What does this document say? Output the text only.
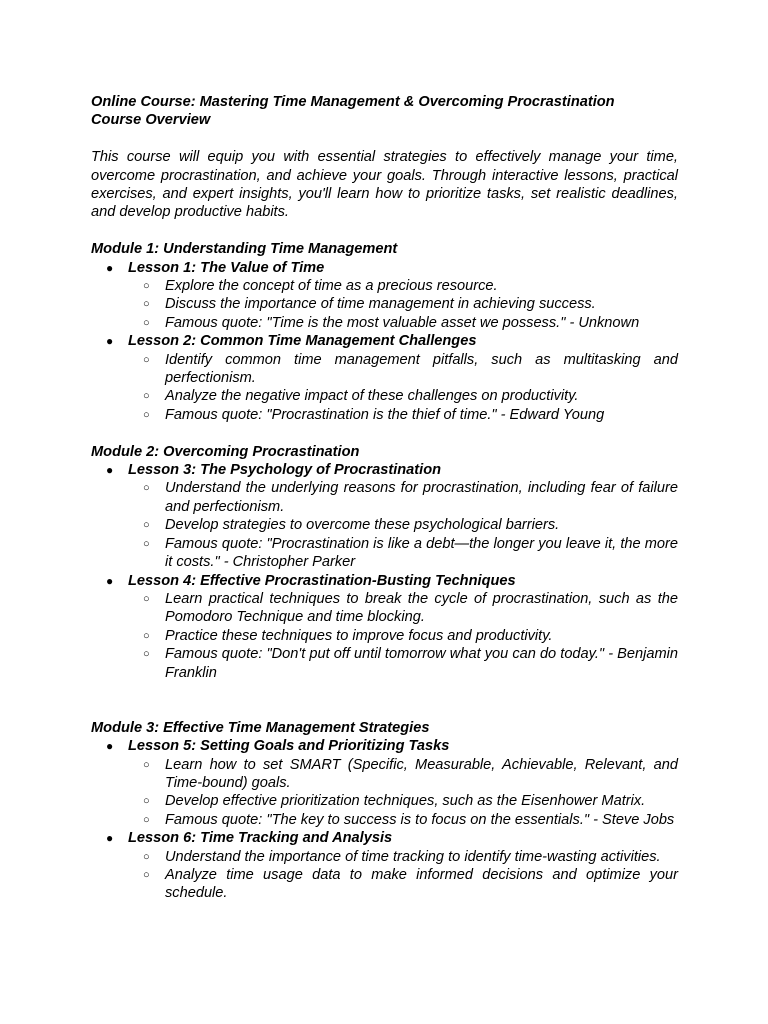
Online Course: Mastering Time Management & Overcoming Procrastination
Course Overview
This course will equip you with essential strategies to effectively manage your time, overcome procrastination, and achieve your goals. Through interactive lessons, practical exercises, and expert insights, you'll learn how to prioritize tasks, set realistic deadlines, and develop productive habits.
Module 1: Understanding Time Management
● Lesson 1: The Value of Time
○ Explore the concept of time as a precious resource.
○ Discuss the importance of time management in achieving success.
○ Famous quote: "Time is the most valuable asset we possess." - Unknown
● Lesson 2: Common Time Management Challenges
○ Identify common time management pitfalls, such as multitasking and perfectionism.
○ Analyze the negative impact of these challenges on productivity.
○ Famous quote: "Procrastination is the thief of time." - Edward Young
Module 2: Overcoming Procrastination
● Lesson 3: The Psychology of Procrastination
○ Understand the underlying reasons for procrastination, including fear of failure and perfectionism.
○ Develop strategies to overcome these psychological barriers.
○ Famous quote: "Procrastination is like a debt—the longer you leave it, the more it costs." - Christopher Parker
● Lesson 4: Effective Procrastination-Busting Techniques
○ Learn practical techniques to break the cycle of procrastination, such as the Pomodoro Technique and time blocking.
○ Practice these techniques to improve focus and productivity.
○ Famous quote: "Don't put off until tomorrow what you can do today." - Benjamin Franklin
Module 3: Effective Time Management Strategies
● Lesson 5: Setting Goals and Prioritizing Tasks
○ Learn how to set SMART (Specific, Measurable, Achievable, Relevant, and Time-bound) goals.
○ Develop effective prioritization techniques, such as the Eisenhower Matrix.
○ Famous quote: "The key to success is to focus on the essentials." - Steve Jobs
● Lesson 6: Time Tracking and Analysis
○ Understand the importance of time tracking to identify time-wasting activities.
○ Analyze time usage data to make informed decisions and optimize your schedule.
